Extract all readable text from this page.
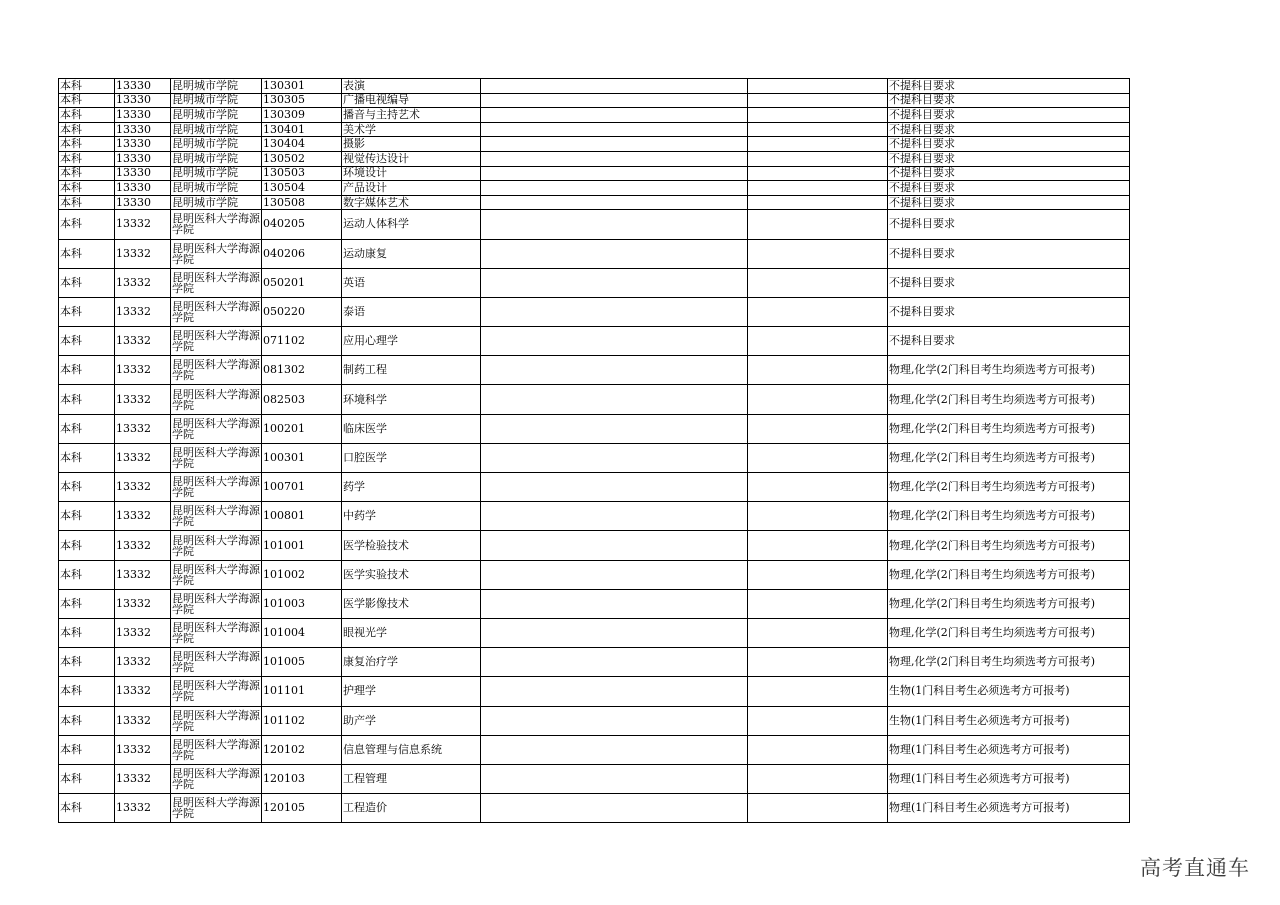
本科	13330	昆明城市学院	130301	表演			不提科目要求
本科	13330	昆明城市学院	130305	广播电视编导			不提科目要求
本科	13330	昆明城市学院	130309	播音与主持艺术			不提科目要求
本科	13330	昆明城市学院	130401	美术学			不提科目要求
本科	13330	昆明城市学院	130404	摄影			不提科目要求
本科	13330	昆明城市学院	130502	视觉传达设计			不提科目要求
本科	13330	昆明城市学院	130503	环境设计			不提科目要求
本科	13330	昆明城市学院	130504	产品设计			不提科目要求
本科	13330	昆明城市学院	130508	数字媒体艺术			不提科目要求
本科	13332	昆明医科大学海源学院	040205	运动人体科学			不提科目要求
本科	13332	昆明医科大学海源学院	040206	运动康复			不提科目要求
本科	13332	昆明医科大学海源学院	050201	英语			不提科目要求
本科	13332	昆明医科大学海源学院	050220	泰语			不提科目要求
本科	13332	昆明医科大学海源学院	071102	应用心理学			不提科目要求
本科	13332	昆明医科大学海源学院	081302	制药工程			物理,化学(2门科目考生均须选考方可报考)
本科	13332	昆明医科大学海源学院	082503	环境科学			物理,化学(2门科目考生均须选考方可报考)
本科	13332	昆明医科大学海源学院	100201	临床医学			物理,化学(2门科目考生均须选考方可报考)
本科	13332	昆明医科大学海源学院	100301	口腔医学			物理,化学(2门科目考生均须选考方可报考)
本科	13332	昆明医科大学海源学院	100701	药学			物理,化学(2门科目考生均须选考方可报考)
本科	13332	昆明医科大学海源学院	100801	中药学			物理,化学(2门科目考生均须选考方可报考)
本科	13332	昆明医科大学海源学院	101001	医学检验技术			物理,化学(2门科目考生均须选考方可报考)
本科	13332	昆明医科大学海源学院	101002	医学实验技术			物理,化学(2门科目考生均须选考方可报考)
本科	13332	昆明医科大学海源学院	101003	医学影像技术			物理,化学(2门科目考生均须选考方可报考)
本科	13332	昆明医科大学海源学院	101004	眼视光学			物理,化学(2门科目考生均须选考方可报考)
本科	13332	昆明医科大学海源学院	101005	康复治疗学			物理,化学(2门科目考生均须选考方可报考)
本科	13332	昆明医科大学海源学院	101101	护理学			生物(1门科目考生必须选考方可报考)
本科	13332	昆明医科大学海源学院	101102	助产学			生物(1门科目考生必须选考方可报考)
本科	13332	昆明医科大学海源学院	120102	信息管理与信息系统			物理(1门科目考生必须选考方可报考)
本科	13332	昆明医科大学海源学院	120103	工程管理			物理(1门科目考生必须选考方可报考)
本科	13332	昆明医科大学海源学院	120105	工程造价			物理(1门科目考生必须选考方可报考)
高考直通车
